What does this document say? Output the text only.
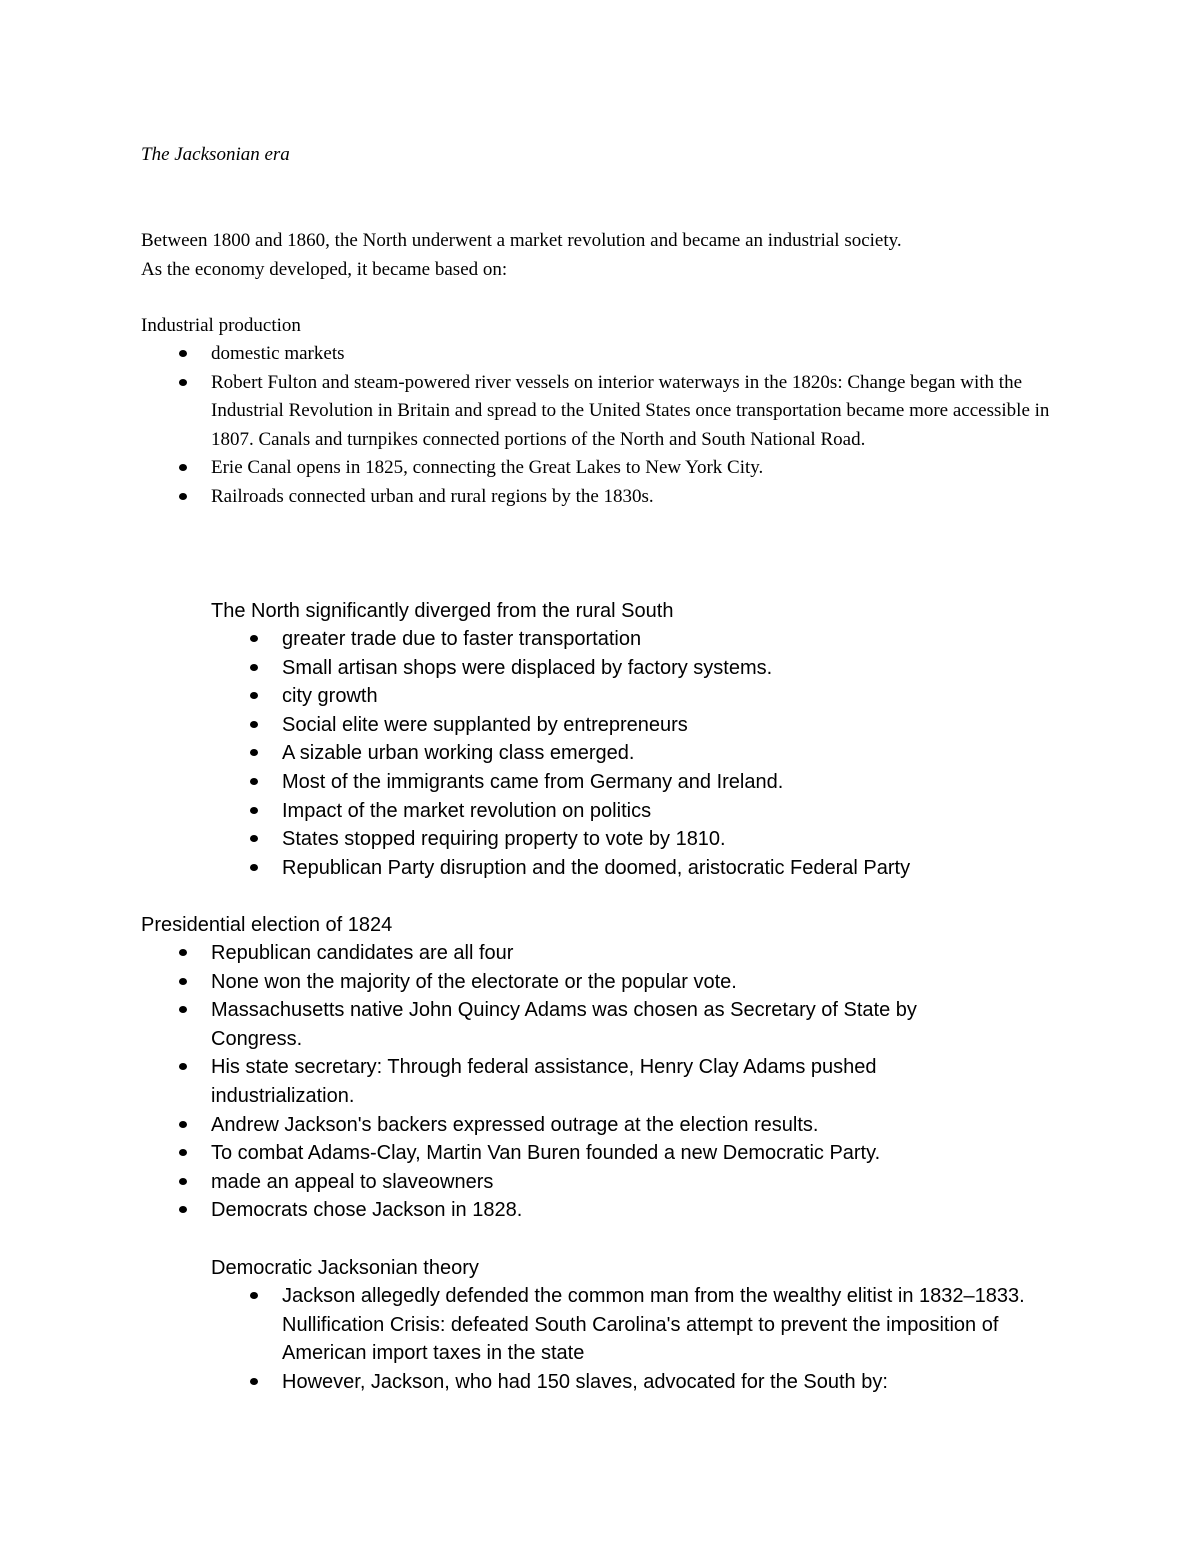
The Jacksonian era
Between 1800 and 1860, the North underwent a market revolution and became an industrial society.
As the economy developed, it became based on:
Industrial production
domestic markets
Robert Fulton and steam-powered river vessels on interior waterways in the 1820s: Change began with the Industrial Revolution in Britain and spread to the United States once transportation became more accessible in 1807. Canals and turnpikes connected portions of the North and South National Road.
Erie Canal opens in 1825, connecting the Great Lakes to New York City.
Railroads connected urban and rural regions by the 1830s.
The North significantly diverged from the rural South
greater trade due to faster transportation
Small artisan shops were displaced by factory systems.
city growth
Social elite were supplanted by entrepreneurs
A sizable urban working class emerged.
Most of the immigrants came from Germany and Ireland.
Impact of the market revolution on politics
States stopped requiring property to vote by 1810.
Republican Party disruption and the doomed, aristocratic Federal Party
Presidential election of 1824
Republican candidates are all four
None won the majority of the electorate or the popular vote.
Massachusetts native John Quincy Adams was chosen as Secretary of State by Congress.
His state secretary: Through federal assistance, Henry Clay Adams pushed industrialization.
Andrew Jackson's backers expressed outrage at the election results.
To combat Adams-Clay, Martin Van Buren founded a new Democratic Party.
made an appeal to slaveowners
Democrats chose Jackson in 1828.
Democratic Jacksonian theory
Jackson allegedly defended the common man from the wealthy elitist in 1832–1833. Nullification Crisis: defeated South Carolina's attempt to prevent the imposition of American import taxes in the state
However, Jackson, who had 150 slaves, advocated for the South by:
